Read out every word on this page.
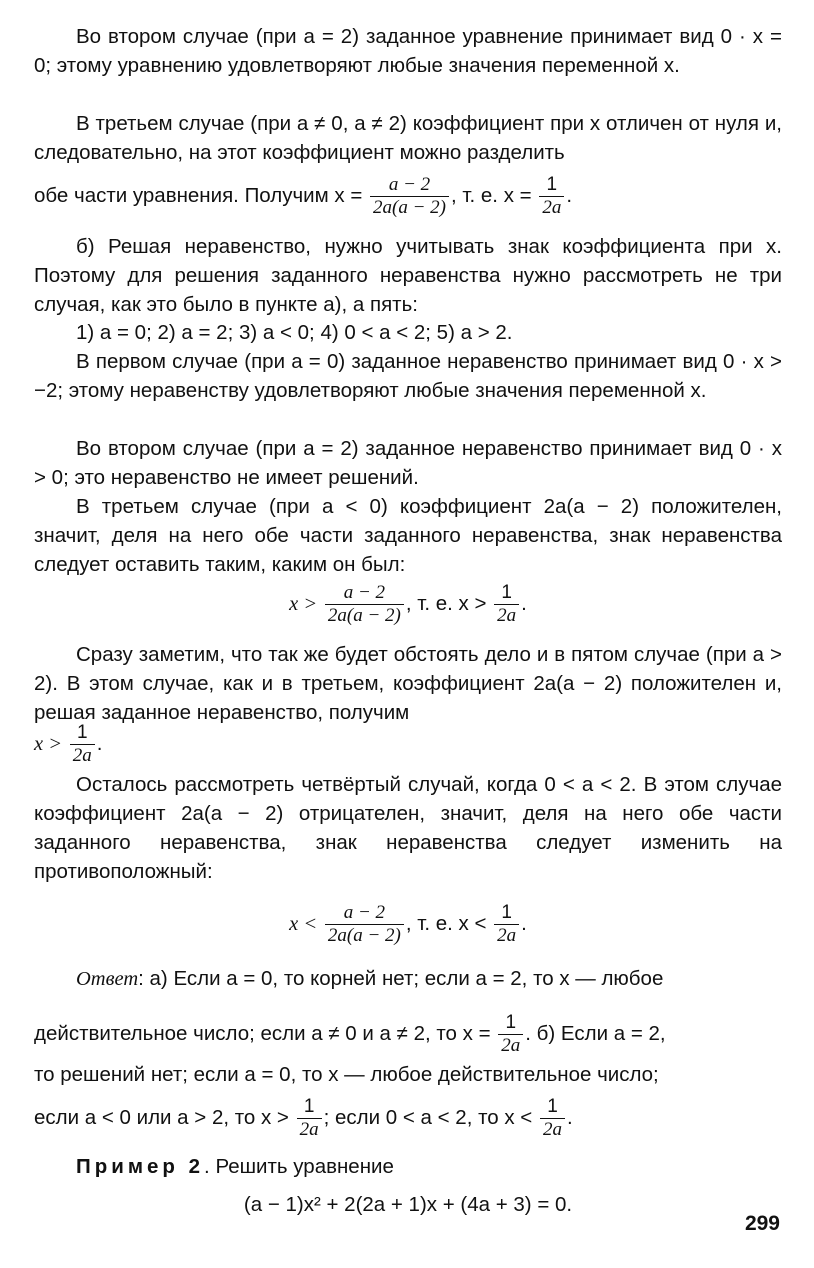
Во втором случае (при a = 2) заданное уравнение принимает вид 0 · x = 0; этому уравнению удовлетворяют любые значения переменной x.
В третьем случае (при a ≠ 0, a ≠ 2) коэффициент при x отличен от нуля и, следовательно, на этот коэффициент можно разделить
обе части уравнения. Получим $x = \frac{a - 2}{2a(a - 2)}$ , т. е. $x = \frac{1}{2a}$ .
б) Решая неравенство, нужно учитывать знак коэффициента при x. Поэтому для решения заданного неравенства нужно рассмотреть не три случая, как это было в пункте а), а пять:
1) a = 0; 2) a = 2; 3) a < 0; 4) 0 < a < 2; 5) a > 2.
В первом случае (при a = 0) заданное неравенство принимает вид 0 · x > −2; этому неравенству удовлетворяют любые значения переменной x.
Во втором случае (при a = 2) заданное неравенство принимает вид 0 · x > 0; это неравенство не имеет решений.
В третьем случае (при a < 0) коэффициент 2a(a − 2) положителен, значит, деля на него обе части заданного неравенства, знак неравенства следует оставить таким, каким он был:
$x > \frac{a - 2}{2a(a - 2)}$ , т. е. $x > \frac{1}{2a}$ .
Сразу заметим, что так же будет обстоять дело и в пятом случае (при a > 2). В этом случае, как и в третьем, коэффициент 2a(a − 2) положителен и, решая заданное неравенство, получим
$x > \frac{1}{2a}$ .
Осталось рассмотреть четвёртый случай, когда 0 < a < 2. В этом случае коэффициент 2a(a − 2) отрицателен, значит, деля на него обе части заданного неравенства, знак неравенства следует изменить на противоположный:
$x < \frac{a - 2}{2a(a - 2)}$ , т. е. $x < \frac{1}{2a}$ .
Ответ: а) Если a = 0, то корней нет; если a = 2, то x — любое
действительное число; если a ≠ 0 и a ≠ 2, то $x = \frac{1}{2a}$ . б) Если a = 2,
то решений нет; если a = 0, то x — любое действительное число;
если a < 0 или a > 2, то $x > \frac{1}{2a}$ ; если 0 < a < 2, то $x < \frac{1}{2a}$ .
Пример 2. Решить уравнение
(a − 1)x² + 2(2a + 1)x + (4a + 3) = 0.
299
